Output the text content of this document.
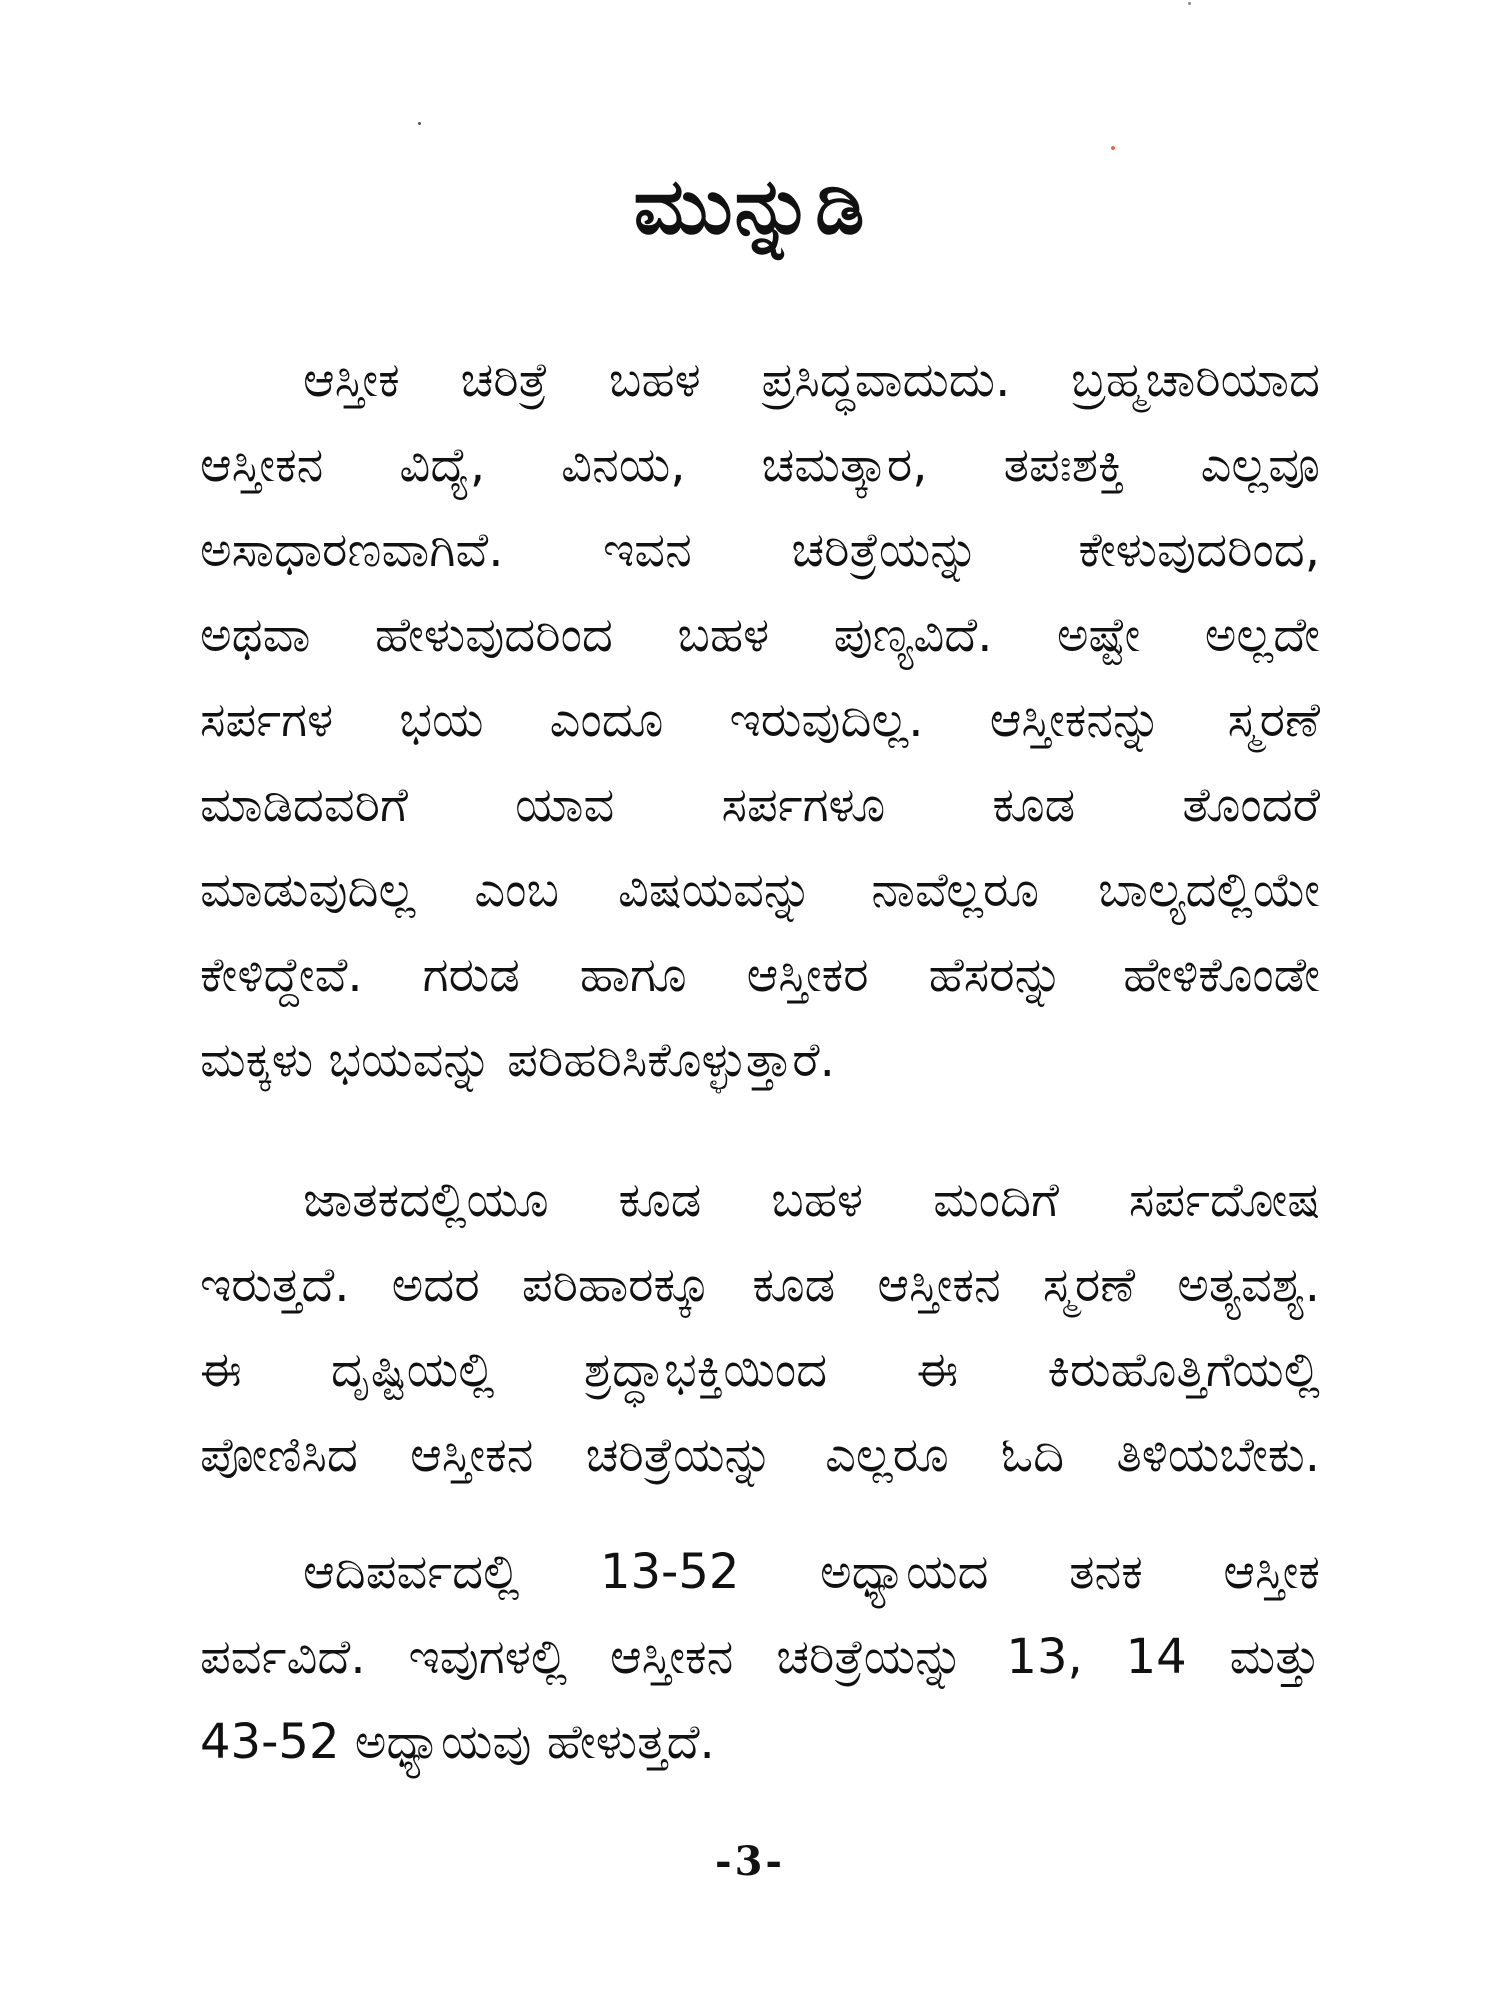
ಮುನ್ನುಡಿ
ಆಸ್ತೀಕ ಚರಿತ್ರೆ ಬಹಳ ಪ್ರಸಿದ್ಧವಾದುದು. ಬ್ರಹ್ಮಚಾರಿಯಾದ
ಆಸ್ತೀಕನ ವಿದ್ಯೆ, ವಿನಯ, ಚಮತ್ಕಾರ, ತಪಃಶಕ್ತಿ ಎಲ್ಲವೂ
ಅಸಾಧಾರಣವಾಗಿವೆ. ಇವನ ಚರಿತ್ರೆಯನ್ನು ಕೇಳುವುದರಿಂದ,
ಅಥವಾ ಹೇಳುವುದರಿಂದ ಬಹಳ ಪುಣ್ಯವಿದೆ. ಅಷ್ಟೇ ಅಲ್ಲದೇ
ಸರ್ಪಗಳ ಭಯ ಎಂದೂ ಇರುವುದಿಲ್ಲ. ಆಸ್ತೀಕನನ್ನು ಸ್ಮರಣೆ
ಮಾಡಿದವರಿಗೆ ಯಾವ ಸರ್ಪಗಳೂ ಕೂಡ ತೊಂದರೆ
ಮಾಡುವುದಿಲ್ಲ ಎಂಬ ವಿಷಯವನ್ನು ನಾವೆಲ್ಲರೂ ಬಾಲ್ಯದಲ್ಲಿಯೇ
ಕೇಳಿದ್ದೇವೆ. ಗರುಡ ಹಾಗೂ ಆಸ್ತೀಕರ ಹೆಸರನ್ನು ಹೇಳಿಕೊಂಡೇ
ಮಕ್ಕಳು ಭಯವನ್ನು ಪರಿಹರಿಸಿಕೊಳ್ಳುತ್ತಾರೆ.
ಜಾತಕದಲ್ಲಿಯೂ ಕೂಡ ಬಹಳ ಮಂದಿಗೆ ಸರ್ಪದೋಷ
ಇರುತ್ತದೆ. ಅದರ ಪರಿಹಾರಕ್ಕೂ ಕೂಡ ಆಸ್ತೀಕನ ಸ್ಮರಣೆ ಅತ್ಯವಶ್ಯ.
ಈ ದೃಷ್ಟಿಯಲ್ಲಿ ಶ್ರದ್ಧಾಭಕ್ತಿಯಿಂದ ಈ ಕಿರುಹೊತ್ತಿಗೆಯಲ್ಲಿ
ಪೋಣಿಸಿದ ಆಸ್ತೀಕನ ಚರಿತ್ರೆಯನ್ನು ಎಲ್ಲರೂ ಓದಿ ತಿಳಿಯಬೇಕು.
ಆದಿಪರ್ವದಲ್ಲಿ 13-52 ಅಧ್ಯಾಯದ ತನಕ ಆಸ್ತೀಕ
ಪರ್ವವಿದೆ. ಇವುಗಳಲ್ಲಿ ಆಸ್ತೀಕನ ಚರಿತ್ರೆಯನ್ನು 13, 14 ಮತ್ತು
43-52 ಅಧ್ಯಾಯವು ಹೇಳುತ್ತದೆ.
-3-
